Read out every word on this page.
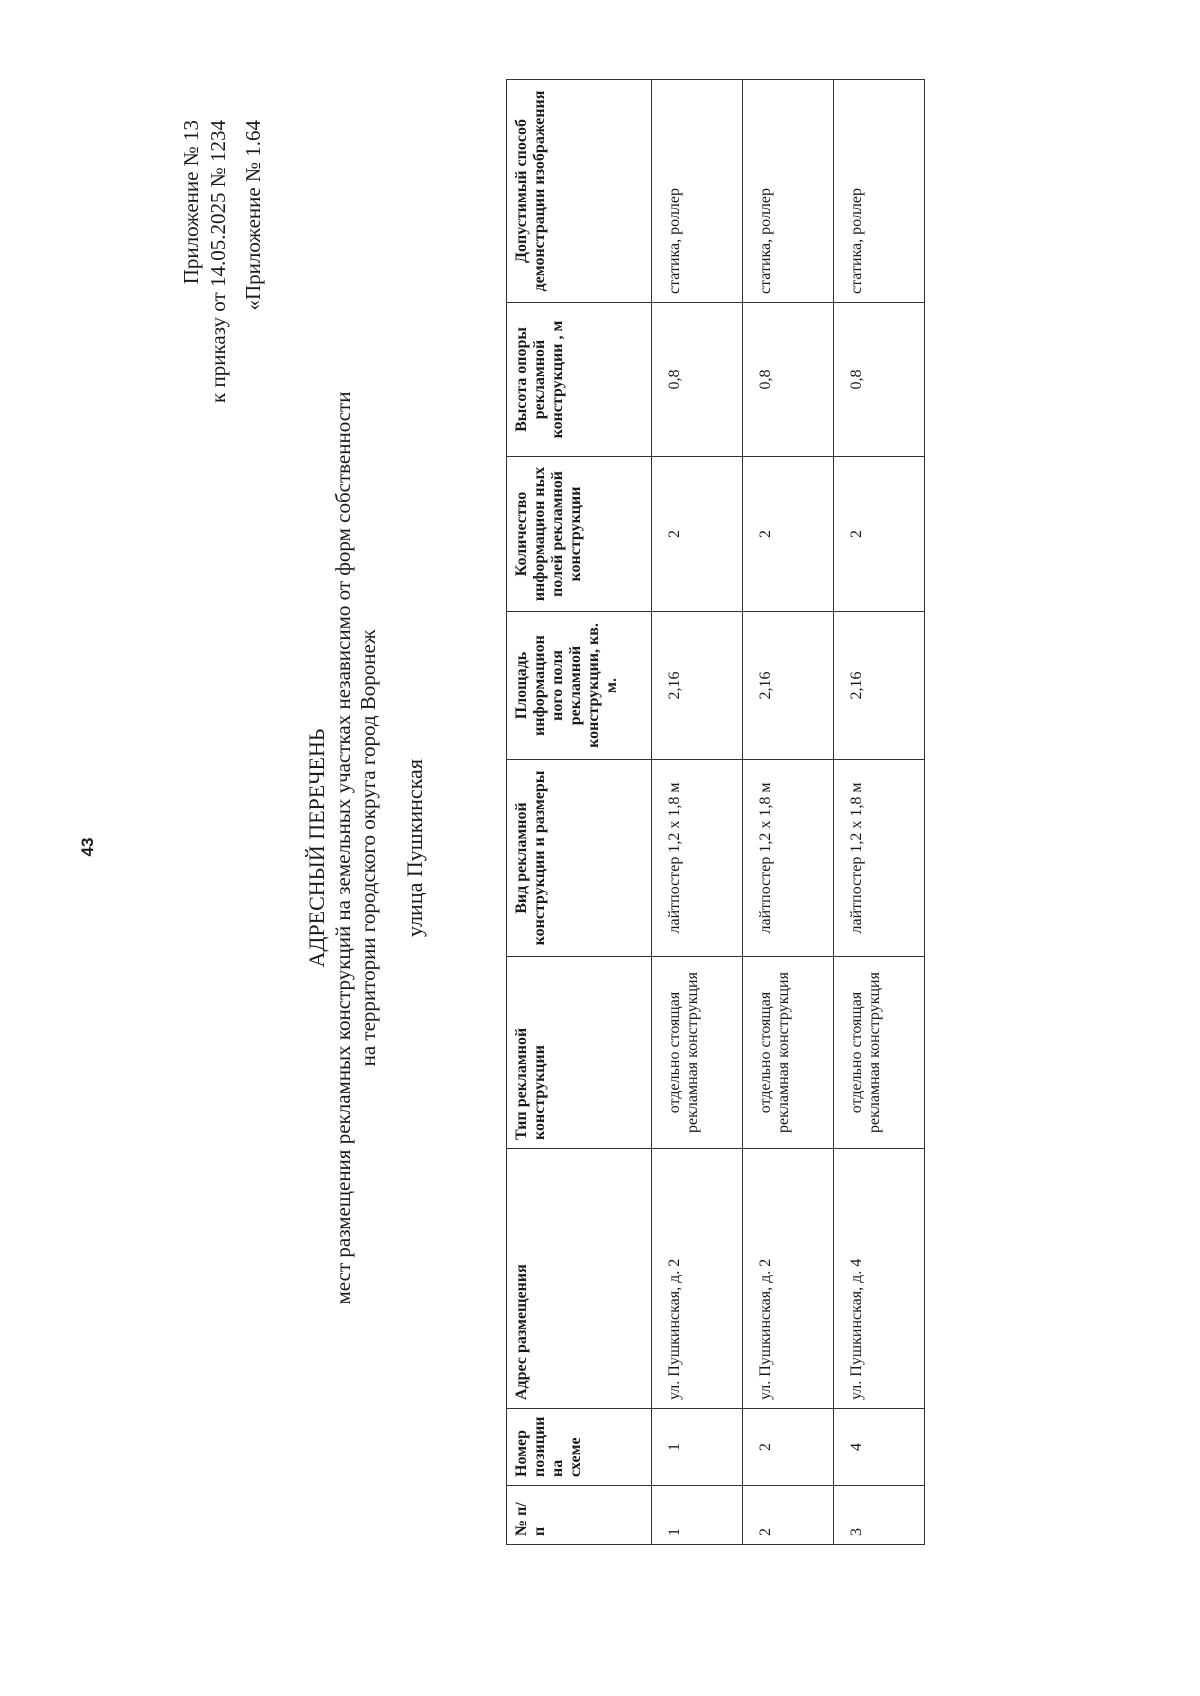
43
Приложение № 13 к приказу от 14.05.2025 № 1234 «Приложение № 1.64
АДРЕСНЫЙ ПЕРЕЧЕНЬ мест размещения рекламных конструкций на земельных участках независимо от форм собственности на территории городского округа город Воронеж улица Пушкинская
№ п/п	Номер позиции на схеме	Адрес размещения	Тип рекламной конструкции	Вид рекламной конструкции и размеры	Площадь информацион ного поля рекламной конструкции, кв. м.	Количество информацион ных полей рекламной конструкции	Высота опоры рекламной конструкции , м	Допустимый способ демонстрации изображения
1	1	ул. Пушкинская, д. 2	отдельно стоящая рекламная конструкция	лайтпостер 1,2 х 1,8 м	2,16	2	0,8	статика, роллер
2	2	ул. Пушкинская, д. 2	отдельно стоящая рекламная конструкция	лайтпостер 1,2 х 1,8 м	2,16	2	0,8	статика, роллер
3	4	ул. Пушкинская, д. 4	отдельно стоящая рекламная конструкция	лайтпостер 1,2 х 1,8 м	2,16	2	0,8	статика, роллер
